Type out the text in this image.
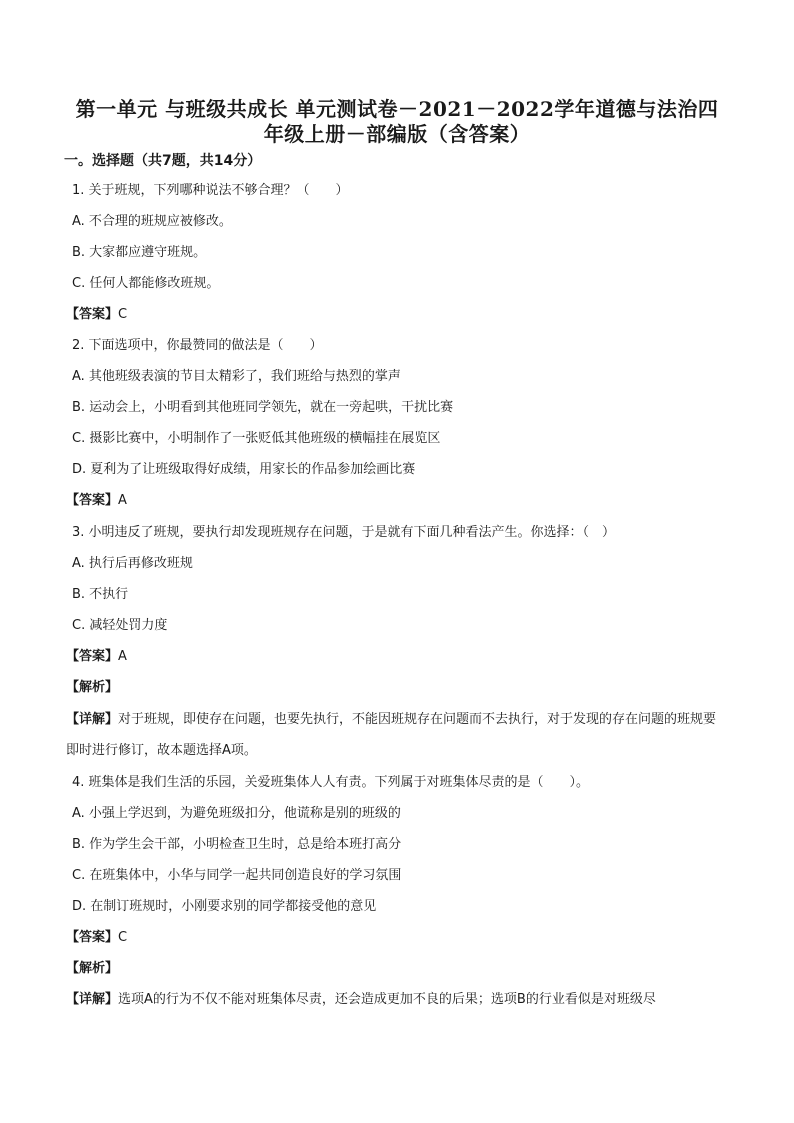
第一单元 与班级共成长 单元测试卷－2021－2022学年道德与法治四
年级上册－部编版（含答案）
一。选择题（共7题，共14分）
1. 关于班规，下列哪种说法不够合理？（　　）
A. 不合理的班规应被修改。
B. 大家都应遵守班规。
C. 任何人都能修改班规。
【答案】C
2. 下面选项中，你最赞同的做法是（　　）
A. 其他班级表演的节目太精彩了，我们班给与热烈的掌声
B. 运动会上，小明看到其他班同学领先，就在一旁起哄，干扰比赛
C. 摄影比赛中，小明制作了一张贬低其他班级的横幅挂在展览区
D. 夏利为了让班级取得好成绩，用家长的作品参加绘画比赛
【答案】A
3. 小明违反了班规，要执行却发现班规存在问题，于是就有下面几种看法产生。你选择：（　）
A. 执行后再修改班规
B. 不执行
C. 减轻处罚力度
【答案】A
【解析】
【详解】对于班规，即使存在问题，也要先执行，不能因班规存在问题而不去执行，对于发现的存在问题的班规要即时进行修订，故本题选择A项。
4. 班集体是我们生活的乐园，关爱班集体人人有责。下列属于对班集体尽责的是（　　）。
A. 小强上学迟到，为避免班级扣分，他谎称是别的班级的
B. 作为学生会干部，小明检查卫生时，总是给本班打高分
C. 在班集体中，小华与同学一起共同创造良好的学习氛围
D. 在制订班规时，小刚要求别的同学都接受他的意见
【答案】C
【解析】
【详解】选项A的行为不仅不能对班集体尽责，还会造成更加不良的后果；选项B的行业看似是对班级尽
